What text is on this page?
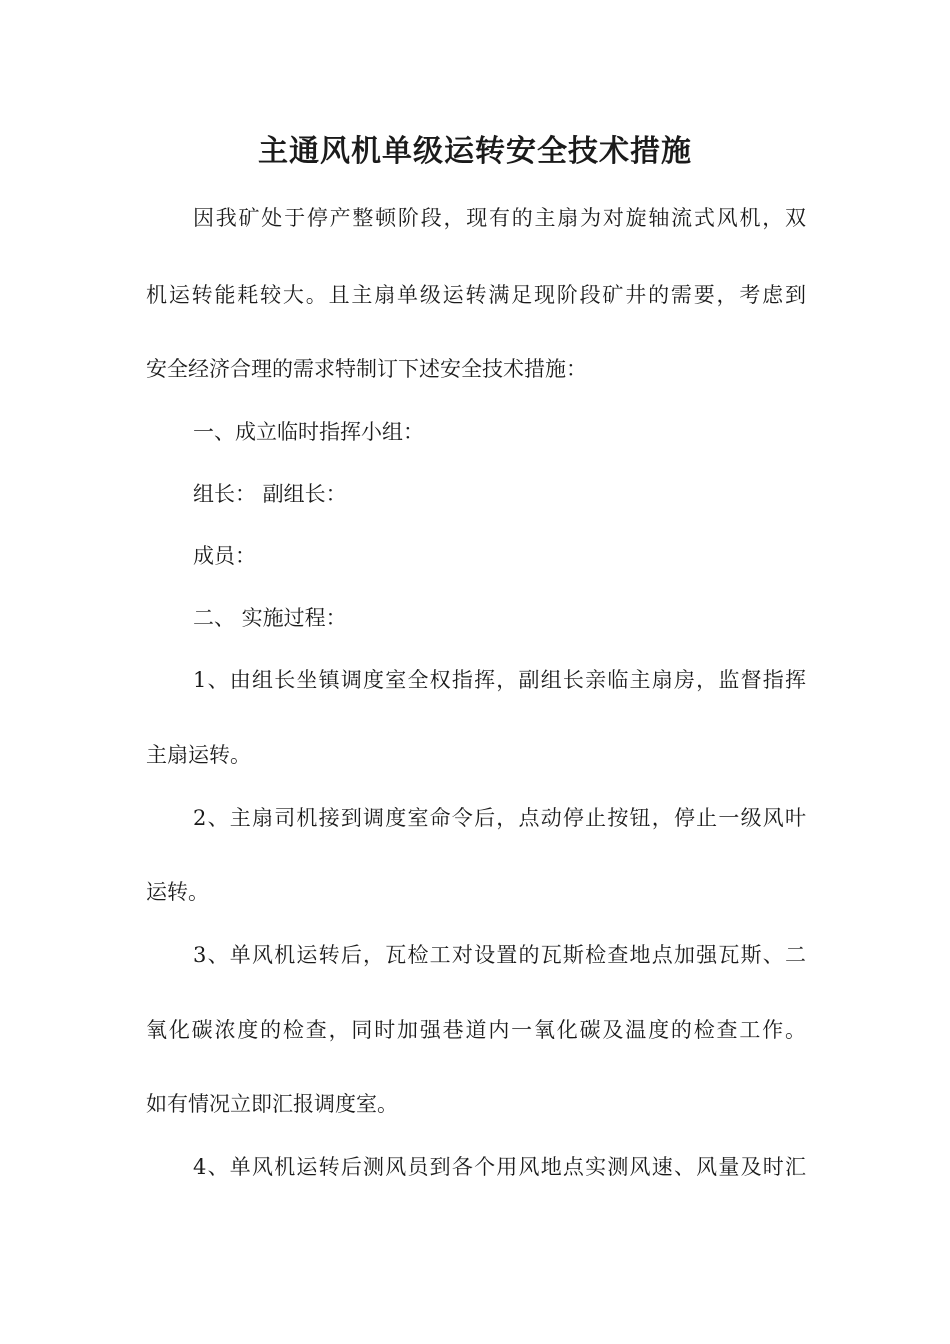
主通风机单级运转安全技术措施

因我矿处于停产整顿阶段，现有的主扇为对旋轴流式风机，双

机运转能耗较大。且主扇单级运转满足现阶段矿井的需要，考虑到

安全经济合理的需求特制订下述安全技术措施：

一、成立临时指挥小组：

组长： 副组长：

成员：

二、 实施过程：

1、由组长坐镇调度室全权指挥，副组长亲临主扇房，监督指挥

主扇运转。

2、主扇司机接到调度室命令后，点动停止按钮，停止一级风叶

运转。

3、单风机运转后，瓦检工对设置的瓦斯检查地点加强瓦斯、二

氧化碳浓度的检查，同时加强巷道内一氧化碳及温度的检查工作。

如有情况立即汇报调度室。

4、单风机运转后测风员到各个用风地点实测风速、风量及时汇
